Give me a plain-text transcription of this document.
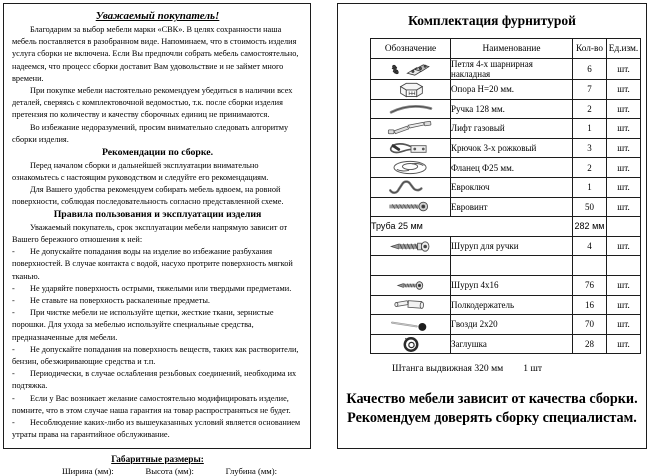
Уважаемый покупатель!

Благодарим за выбор мебели марки «СВК». В целях сохранности наша мебель поставляется в разобранном виде. Напоминаем, что в стоимость изделия услуга сборки не включена. Если Вы предпочли собрать мебель самостоятельно, надеемся, что процесс сборки доставит Вам удовольствие и не займет много времени.

При покупке мебели настоятельно рекомендуем убедиться в наличии всех деталей, сверяясь с комплектовочной ведомостью, т.к. после сборки изделия претензия по количеству и качеству сборочных единиц не принимаются.

Во избежание недоразумений, просим внимательно следовать алгоритму сборки изделия.

Рекомендации по сборке.

Перед началом сборки и дальнейшей эксплуатации внимательно ознакомьтесь с настоящим руководством и следуйте его рекомендациям.

Для Вашего удобства рекомендуем собирать мебель вдвоем, на ровной поверхности, соблюдая последовательность согласно представленной схеме.

Правила пользования и эксплуатации изделия

Уважаемый покупатель, срок эксплуатации мебели напрямую зависит от Вашего бережного отношения к ней:

- Не допускайте попадания воды на изделие во избежание разбухания поверхностей. В случае контакта с водой, насухо протрите поверхность мягкой тканью.
- Не ударяйте поверхность острыми, тяжелыми или твердыми предметами.
- Не ставьте на поверхность раскаленные предметы.
- При чистке мебели не используйте щетки, жесткие ткани, зернистые порошки. Для ухода за мебелью используйте специальные средства, предназначенные для мебели.
- Не допускайте попадания на поверхность веществ, таких как растворители, бензин, обезжиривающие средства и т.п.
- Периодически, в случае ослабления резьбовых соединений, необходима их подтяжка.
- Если у Вас возникает желание самостоятельно модифицировать изделие, помните, что в этом случае наша гарантия на товар распространяться не будет.
- Несоблюдение каких-либо из вышеуказанных условий является основанием утраты права на гарантийное обслуживание.
Габаритные размеры:
Ширина (мм):	Высота (мм):	Глубина (мм):
Комплектация фурнитурой
Обозначение	Наименование	Кол-во	Ед.изм.
	Петля 4-х шарнирная накладная	6	шт.
	Опора Н=20 мм.	7	шт.
	Ручка 128 мм.	2	шт.
	Лифт газовый	1	шт.
	Крючок 3-х рожковый	3	шт.
	Фланец Ф25 мм.	2	шт.
	Евроключ	1	шт.
	Евровинт	50	шт.
Труба 25 мм		282 мм	
	Шуруп для ручки	4	шт.

	Шуруп 4x16	76	шт.
	Полкодержатель	16	шт.
	Гвозди 2x20	70	шт.
	Заглушка	28	шт.
Штанга выдвижная 320 мм 1 шт
Качество мебели зависит от качества сборки.
Рекомендуем доверять сборку специалистам.
